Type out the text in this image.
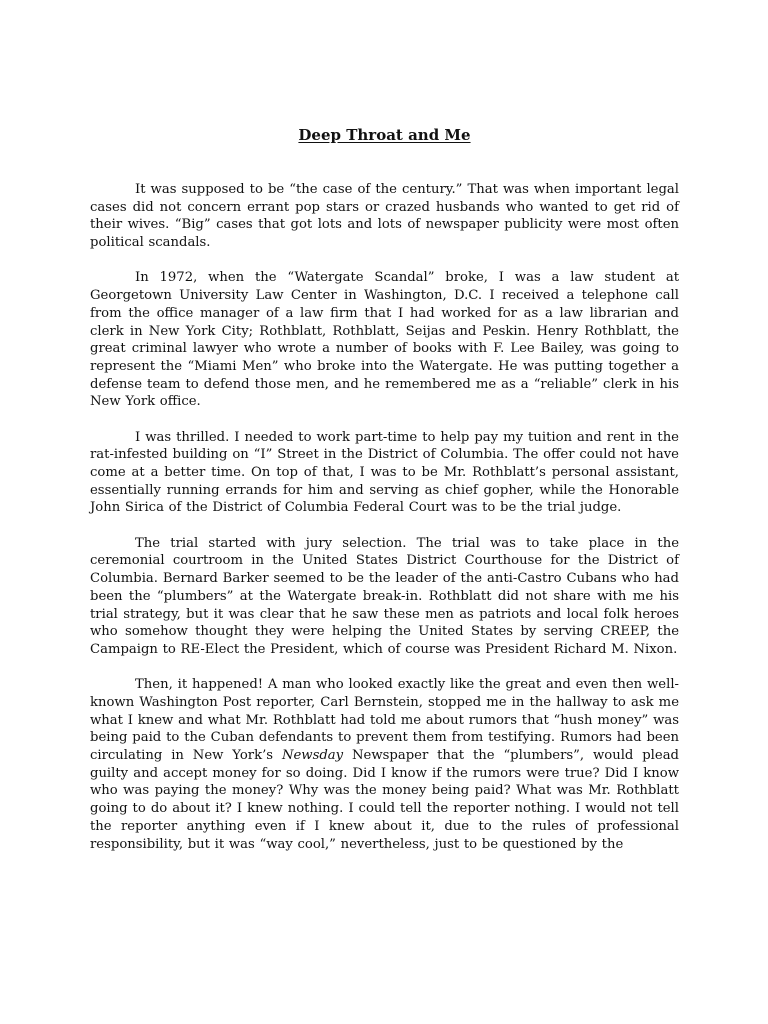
Deep Throat and Me

It was supposed to be “the case of the century.” That was when important legal cases did not concern errant pop stars or crazed husbands who wanted to get rid of their wives. “Big” cases that got lots and lots of newspaper publicity were most often political scandals.

In 1972, when the “Watergate Scandal” broke, I was a law student at Georgetown University Law Center in Washington, D.C. I received a telephone call from the office manager of a law firm that I had worked for as a law librarian and clerk in New York City; Rothblatt, Rothblatt, Seijas and Peskin. Henry Rothblatt, the great criminal lawyer who wrote a number of books with F. Lee Bailey, was going to represent the “Miami Men” who broke into the Watergate. He was putting together a defense team to defend those men, and he remembered me as a “reliable” clerk in his New York office.

I was thrilled. I needed to work part-time to help pay my tuition and rent in the rat-infested building on “I” Street in the District of Columbia. The offer could not have come at a better time. On top of that, I was to be Mr. Rothblatt’s personal assistant, essentially running errands for him and serving as chief gopher, while the Honorable John Sirica of the District of Columbia Federal Court was to be the trial judge.

The trial started with jury selection. The trial was to take place in the ceremonial courtroom in the United States District Courthouse for the District of Columbia. Bernard Barker seemed to be the leader of the anti-Castro Cubans who had been the “plumbers” at the Watergate break-in. Rothblatt did not share with me his trial strategy, but it was clear that he saw these men as patriots and local folk heroes who somehow thought they were helping the United States by serving CREEP, the Campaign to RE-Elect the President, which of course was President Richard M. Nixon.

Then, it happened! A man who looked exactly like the great and even then well-known Washington Post reporter, Carl Bernstein, stopped me in the hallway to ask me what I knew and what Mr. Rothblatt had told me about rumors that “hush money” was being paid to the Cuban defendants to prevent them from testifying. Rumors had been circulating in New York’s Newsday Newspaper that the “plumbers”, would plead guilty and accept money for so doing. Did I know if the rumors were true? Did I know who was paying the money? Why was the money being paid? What was Mr. Rothblatt going to do about it? I knew nothing. I could tell the reporter nothing. I would not tell the reporter anything even if I knew about it, due to the rules of professional responsibility, but it was “way cool,” nevertheless, just to be questioned by the
